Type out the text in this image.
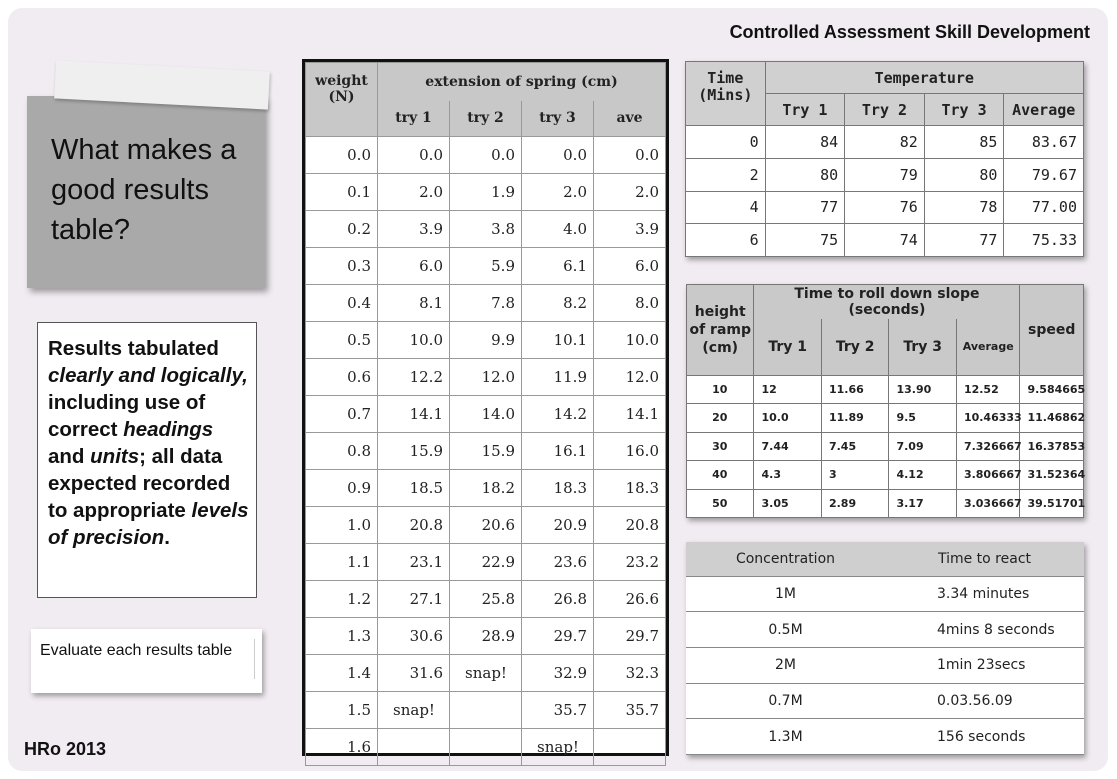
Controlled Assessment Skill Development
What makes a good results table?
Results tabulated clearly and logically, including use of correct headings and units; all data expected recorded to appropriate levels of precision.
Evaluate each results table
HRo 2013
weight (N)	extension of spring (cm)			
	try 1	try 2	try 3	ave
0.0	0.0	0.0	0.0	0.0
0.1	2.0	1.9	2.0	2.0
0.2	3.9	3.8	4.0	3.9
0.3	6.0	5.9	6.1	6.0
0.4	8.1	7.8	8.2	8.0
0.5	10.0	9.9	10.1	10.0
0.6	12.2	12.0	11.9	12.0
0.7	14.1	14.0	14.2	14.1
0.8	15.9	15.9	16.1	16.0
0.9	18.5	18.2	18.3	18.3
1.0	20.8	20.6	20.9	20.8
1.1	23.1	22.9	23.6	23.2
1.2	27.1	25.8	26.8	26.6
1.3	30.6	28.9	29.7	29.7
1.4	31.6	snap!	32.9	32.3
1.5	snap!		35.7	35.7
1.6			snap!	
Time (Mins)	Temperature			
	Try 1	Try 2	Try 3	Average
0	84	82	85	83.67
2	80	79	80	79.67
4	77	76	78	77.00
6	75	74	77	75.33
height of ramp (cm)	Time to roll down slope (seconds)				speed
	Try 1	Try 2	Try 3	Average	
10	12	11.66	13.90	12.52	9.584665
20	10.0	11.89	9.5	10.46333	11.46862
30	7.44	7.45	7.09	7.326667	16.37853
40	4.3	3	4.12	3.806667	31.52364
50	3.05	2.89	3.17	3.036667	39.51701
Concentration	Time to react
1M	3.34 minutes
0.5M	4mins 8 seconds
2M	1min 23secs
0.7M	0.03.56.09
1.3M	156 seconds
